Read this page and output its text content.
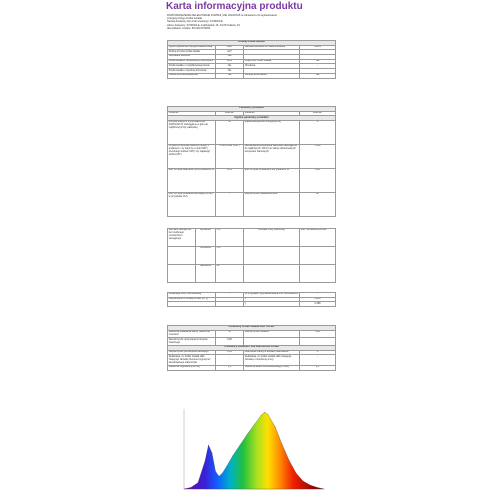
Karta informacyjna produktu
ROZPORZĄDZENIE DELEGOWANE KOMISJI (UE) 2019/2015 w odniesieniu do etykietowania
energetycznego źródeł światła
Nazwa dostawcy lub znak towarowy: KOSMOLE
Adres dostawcy: KOSMOLE, Ładziańskie 15, 40-08 Kraków, PL
Identyfikator modelu: IF1204.037W06
Rodzaj źródła światła			
Wykorzystana technologia oświetleniowa	LED	Nieukierunkowane lub ukierunkowane	NDLS
Rodzaj trzonka źródła światła	G27		
Sterowane sieciowo	Nie		
Źródło światła z wbudowanym elementem	BNS	Połączone źródło światła	Nie
Źródło światła o modyfikowanej barwie	Nie	Obudowa	-
Źródło światła o wysokiej luminancji	Nie		
Osłona przeciwodblaskowa	Nie	Funkcja ściemniania	Nie
Parametry produktu			
Parametr	Wartość	Parametr	Wartość
Ogólne parametry produktu			
Zużycie energii w trybie włączenia (kWh/1000 h) zaokrąglone w górę do najbliższej liczby całkowitej	32	Klasa efektywności energetycznej	F
Użyteczny strumień świetlny (Φuse), z podaniem, czy dotyczy on kuli (360°), szerokiego stożka (120°) czy wąskiego stożka (90°)	3 200 w kuli (360°)	Skorelowana temperatura barwowa, zaokrąglona do najbliższych 100 K lub zakres skorelowanych temperatur barwowych	3 000
Moc w trybie włączenia (Pon) podana w W	23,9	Moc w trybie czuwania (Psb) podana w W	0,00
Moc w trybie czuwania sieciowego (Pnet) w przypadku CLS	-	Współczynnik oddawania barw	80
Wymiary zewnętrzne bez osobnego mechanizmu sterującego	Wysokość	137	Rozkład mocy widmowej	Zob. na ostatniej stronie
	Szerokość	137		
	Głębokość	60		
Deklaracja mocy równoważnej	-	W przypadku, gdy deklarowana moc równoważna	-
Współrzędne chromatyczności (x i y)		x	0,434
		y	0,398
Parametry źródeł światła LED i OLED			
Wskaźnik oddawania barwy nasyconej czerwieni	35	Współczynnik trwałości	0,90
Współczynnik utrzymania strumienia świetlnego	0,90		
Parametry zasilania i stał ziarnistości źródła			
Współczynnik przesunięcia fazowego	0,85	Jednolitość barwy w elipsach MacAdama	3
Deklaracja, że źródło światła LED zastępuje żarówkę fluorescencyjną bez wbudowanego statecznika	-	Deklaracja, że źródło światła LED zastępuje żarówkę o określonej mocy	-
Wskaźnik migotania (Pst LM)	1,0	Wskaźnik efektu stroboskopowego (SVM)	0,1
